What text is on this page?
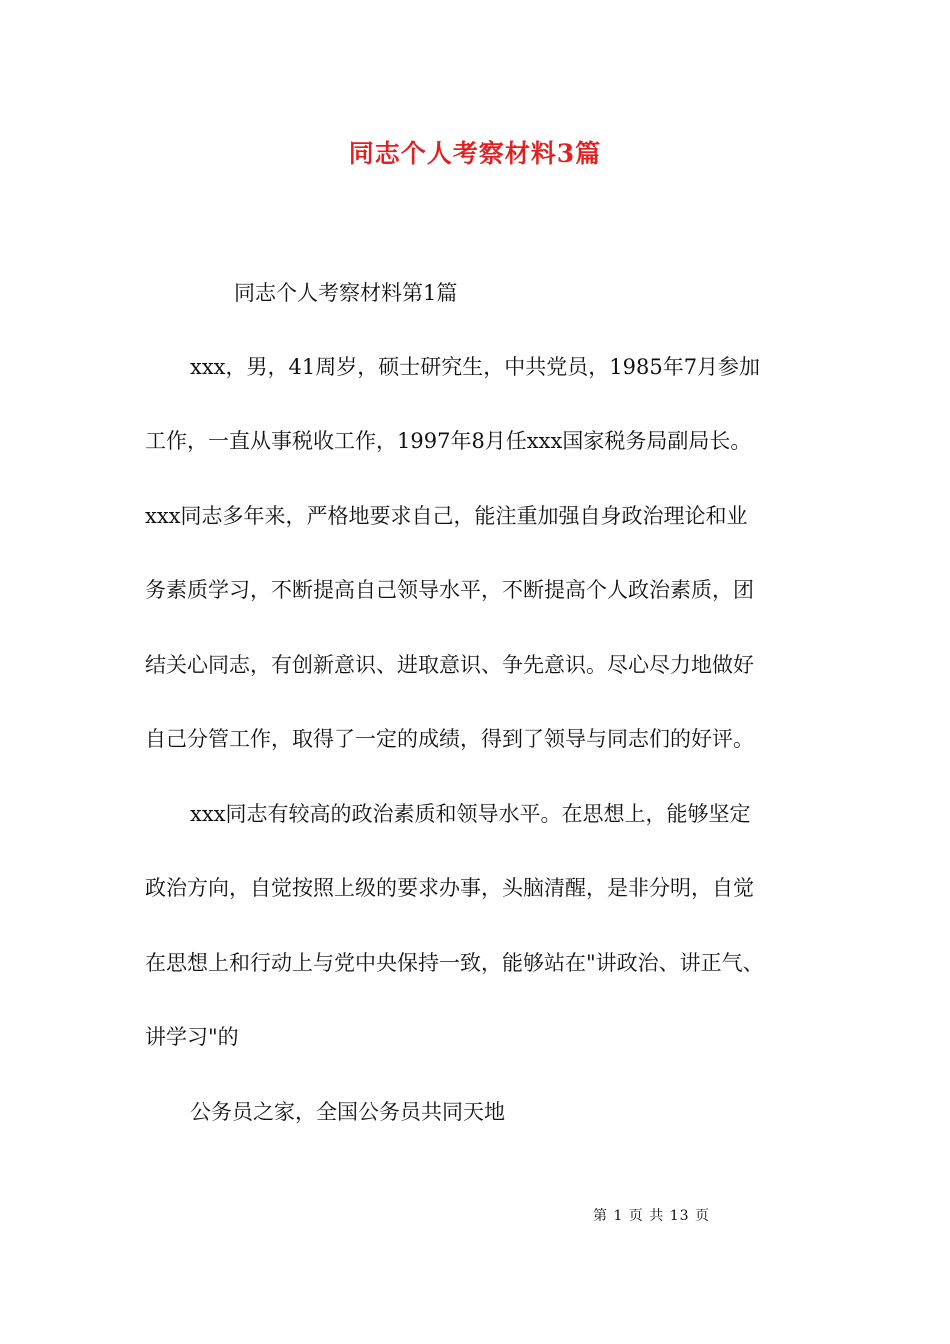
同志个人考察材料3篇
同志个人考察材料第1篇
xxx，男，41周岁，硕士研究生，中共党员，1985年7月参加
工作，一直从事税收工作，1997年8月任xxx国家税务局副局长。
xxx同志多年来，严格地要求自己，能注重加强自身政治理论和业
务素质学习，不断提高自己领导水平，不断提高个人政治素质，团
结关心同志，有创新意识、进取意识、争先意识。尽心尽力地做好
自己分管工作，取得了一定的成绩，得到了领导与同志们的好评。
xxx同志有较高的政治素质和领导水平。在思想上，能够坚定
政治方向，自觉按照上级的要求办事，头脑清醒，是非分明，自觉
在思想上和行动上与党中央保持一致，能够站在"讲政治、讲正气、
讲学习"的
公务员之家，全国公务员共同天地
第 1 页 共 13 页
